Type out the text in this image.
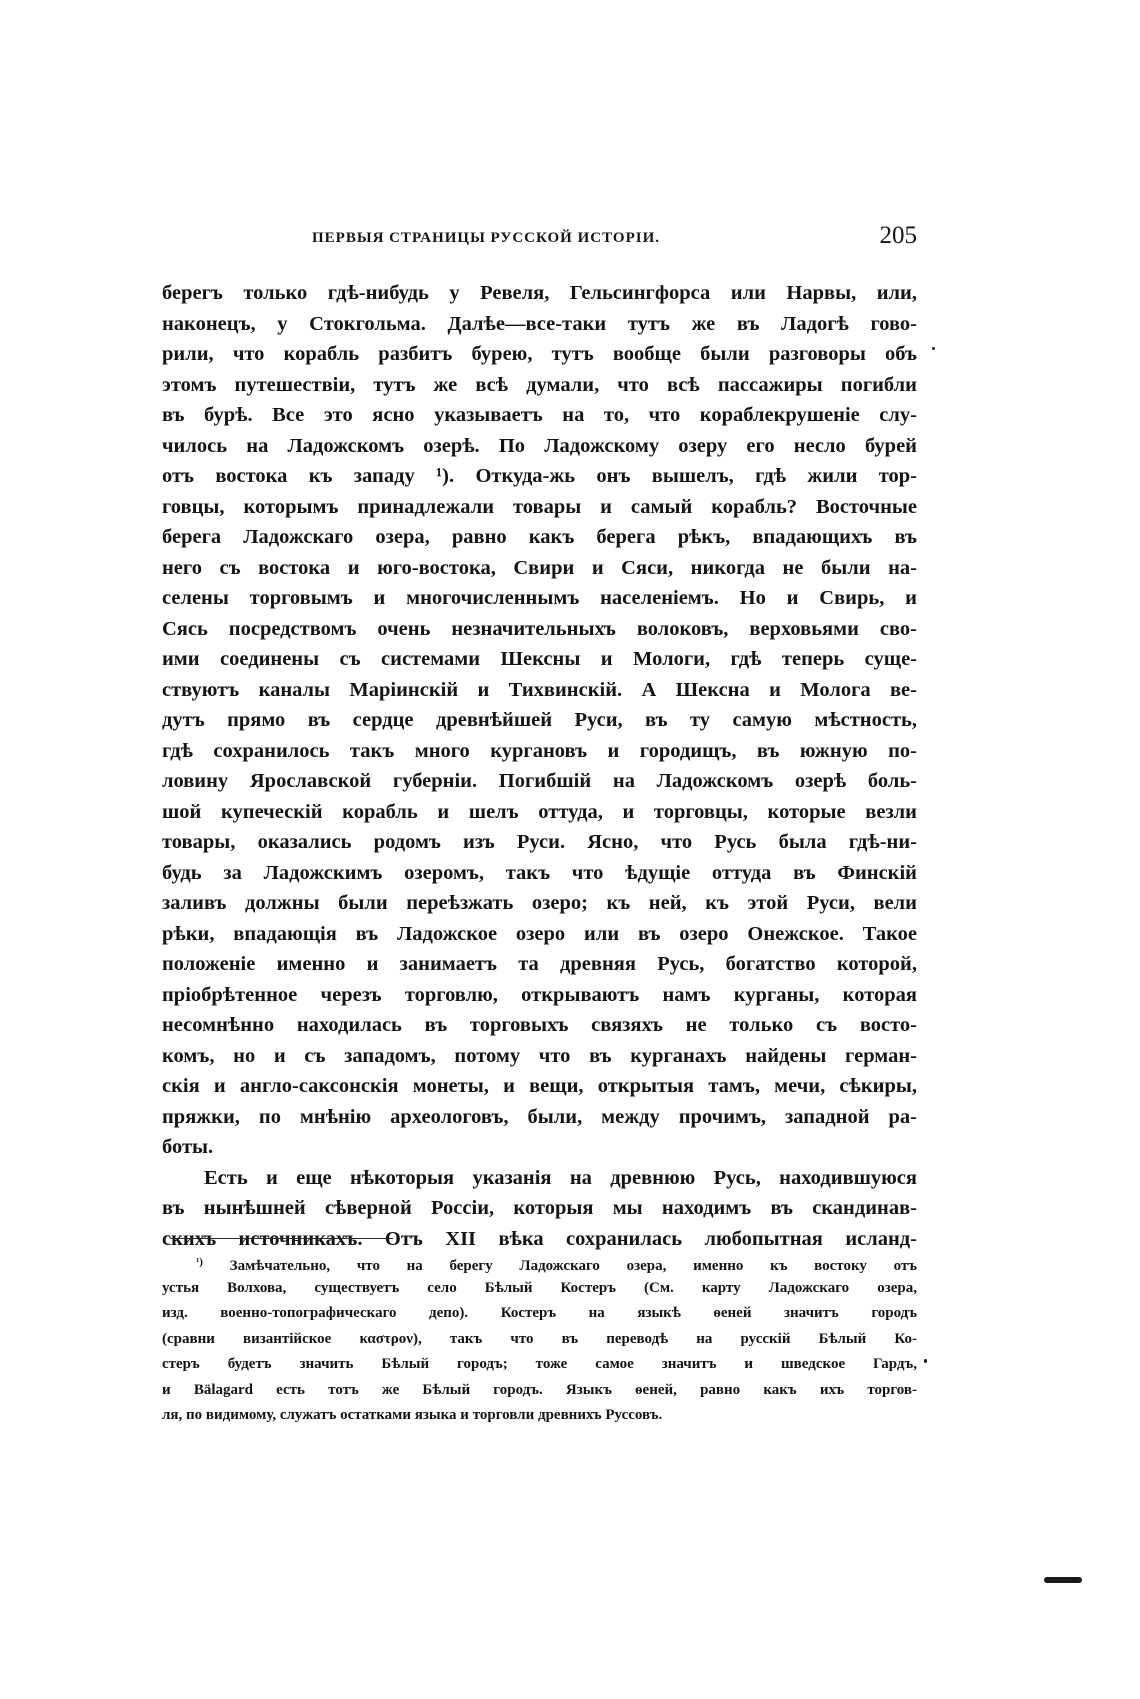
ПЕРВЫЯ СТРАНИЦЫ РУССКОЙ ИСТОРІИ.	205
берегъ только гдѣ-нибудь у Ревеля, Гельсингфорса или Нарвы, или,
наконецъ, у Стокгольма. Далѣе—все-таки тутъ же въ Ладогѣ гово-
рили, что корабль разбитъ бурею, тутъ вообще были разговоры объ
этомъ путешествіи, тутъ же всѣ думали, что всѣ пассажиры погибли
въ бурѣ. Все это ясно указываетъ на то, что кораблекрушеніе слу-
чилось на Ладожскомъ озерѣ. По Ладожскому озеру его несло бурей
отъ востока къ западу ¹). Откуда-жь онъ вышелъ, гдѣ жили тор-
говцы, которымъ принадлежали товары и самый корабль? Восточные
берега Ладожскаго озера, равно какъ берега рѣкъ, впадающихъ въ
него съ востока и юго-востока, Свири и Сяси, никогда не были на-
селены торговымъ и многочисленнымъ населеніемъ. Но и Свирь, и
Сясь посредствомъ очень незначительныхъ волоковъ, верховьями сво-
ими соединены съ системами Шексны и Мологи, гдѣ теперь суще-
ствуютъ каналы Маріинскій и Тихвинскій. А Шексна и Молога ве-
дутъ прямо въ сердце древнѣйшей Руси, въ ту самую мѣстность,
гдѣ сохранилось такъ много кургановъ и городищъ, въ южную по-
ловину Ярославской губерніи. Погибшій на Ладожскомъ озерѣ боль-
шой купеческій корабль и шелъ оттуда, и торговцы, которые везли
товары, оказались родомъ изъ Руси. Ясно, что Русь была гдѣ-ни-
будь за Ладожскимъ озеромъ, такъ что ѣдущіе оттуда въ Финскій
заливъ должны были переѣзжать озеро; къ ней, къ этой Руси, вели
рѣки, впадающія въ Ладожское озеро или въ озеро Онежское. Такое
положеніе именно и занимаетъ та древняя Русь, богатство которой,
пріобрѣтенное черезъ торговлю, открываютъ намъ курганы, которая
несомнѣнно находилась въ торговыхъ связяхъ не только съ восто-
комъ, но и съ западомъ, потому что въ курганахъ найдены герман-
скія и англо-саксонскія монеты, и вещи, открытыя тамъ, мечи, сѣкиры,
пряжки, по мнѣнію археологовъ, были, между прочимъ, западной ра-
боты.
Есть и еще нѣкоторыя указанія на древнюю Русь, находившуюся
въ нынѣшней сѣверной Россіи, которыя мы находимъ въ скандинав-
скихъ источникахъ. Отъ XII вѣка сохранилась любопытная исланд-
$^{^1)}$ Замѣчательно, что на берегу Ладожскаго озера, именно къ востоку отъ
устья Волхова, существуетъ село Бѣлый Костеръ (См. карту Ладожскаго озера,
изд. военно-топографическаго депо). Костеръ на языкѣ ѳеней значитъ городъ
(сравни византійское καστρον), такъ что въ переводѣ на русскій Бѣлый Ко-
стеръ будетъ значить Бѣлый городъ; тоже самое значитъ и шведское Гардъ,
и Bälagard есть тотъ же Бѣлый городъ. Языкъ ѳеней, равно какъ ихъ торгов-
ля, по видимому, служатъ остатками языка и торговли древнихъ Руссовъ.
